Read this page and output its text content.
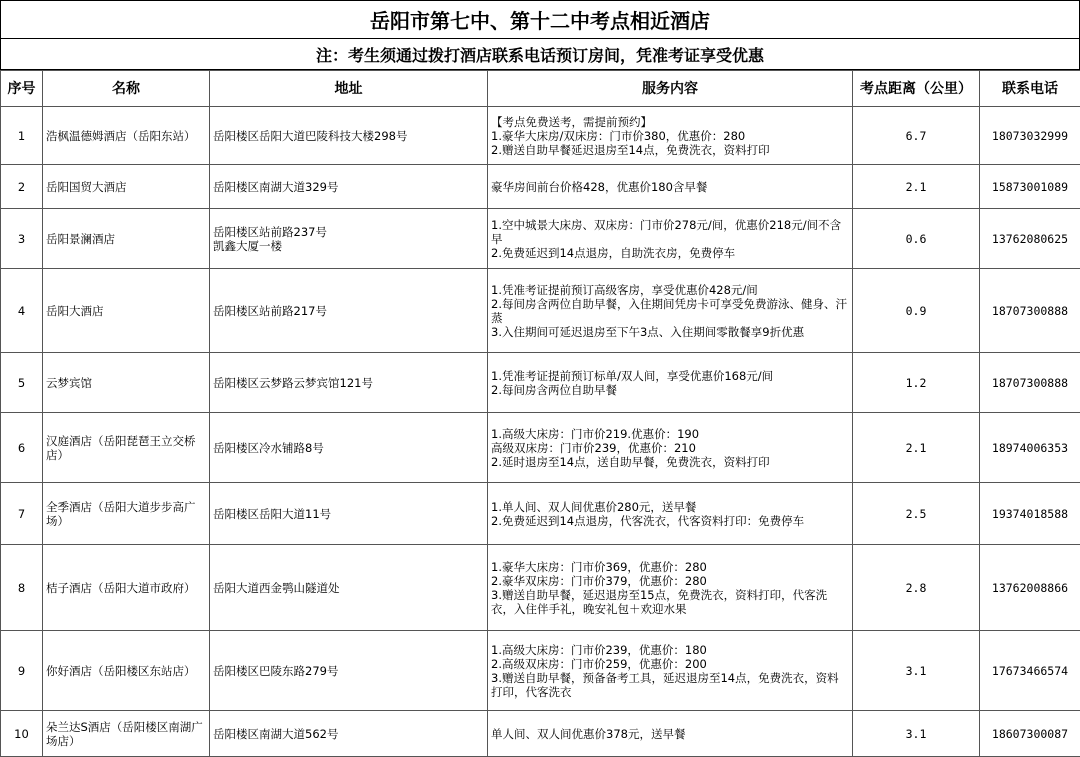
岳阳市第七中、第十二中考点相近酒店
注：考生须通过拨打酒店联系电话预订房间，凭准考证享受优惠
序号	名称	地址	服务内容	考点距离（公里）	联系电话
1	浩枫温德姆酒店（岳阳东站）	岳阳楼区岳阳大道巴陵科技大楼298号	【考点免费送考，需提前预约】
1.豪华大床房/双床房：门市价380，优惠价：280
2.赠送自助早餐延迟退房至14点，免费洗衣，资料打印	6.7	18073032999
2	岳阳国贸大酒店	岳阳楼区南湖大道329号	豪华房间前台价格428，优惠价180含早餐	2.1	15873001089
3	岳阳景澜酒店	岳阳楼区站前路237号
凯鑫大厦一楼	1.空中城景大床房、双床房：门市价278元/间，优惠价218元/间不含早
2.免费延迟到14点退房，自助洗衣房，免费停车	0.6	13762080625
4	岳阳大酒店	岳阳楼区站前路217号	1.凭准考证提前预订高级客房，享受优惠价428元/间
2.每间房含两位自助早餐，入住期间凭房卡可享受免费游泳、健身、汗蒸
3.入住期间可延迟退房至下午3点、入住期间零散餐享9折优惠	0.9	18707300888
5	云梦宾馆	岳阳楼区云梦路云梦宾馆121号	1.凭准考证提前预订标单/双人间，享受优惠价168元/间
2.每间房含两位自助早餐	1.2	18707300888
6	汉庭酒店（岳阳琵琶王立交桥店）	岳阳楼区冷水铺路8号	1.高级大床房：门市价219.优惠价：190
高级双床房：门市价239，优惠价：210
2.延时退房至14点，送自助早餐，免费洗衣，资料打印	2.1	18974006353
7	全季酒店（岳阳大道步步高广场）	岳阳楼区岳阳大道11号	1.单人间、双人间优惠价280元，送早餐
2.免费延迟到14点退房，代客洗衣，代客资料打印：免费停车	2.5	19374018588
8	桔子酒店（岳阳大道市政府）	岳阳大道西金鹗山隧道处	1.豪华大床房：门市价369，优惠价：280
2.豪华双床房：门市价379，优惠价：280
3.赠送自助早餐，延迟退房至15点，免费洗衣，资料打印，代客洗衣，入住伴手礼，晚安礼包＋欢迎水果	2.8	13762008866
9	你好酒店（岳阳楼区东站店）	岳阳楼区巴陵东路279号	1.高级大床房：门市价239，优惠价：180
2.高级双床房：门市价259，优惠价：200
3.赠送自助早餐，预备备考工具，延迟退房至14点，免费洗衣，资料打印，代客洗衣	3.1	17673466574
10	朵兰达S酒店（岳阳楼区南湖广场店）	岳阳楼区南湖大道562号	单人间、双人间优惠价378元，送早餐	3.1	18607300087
